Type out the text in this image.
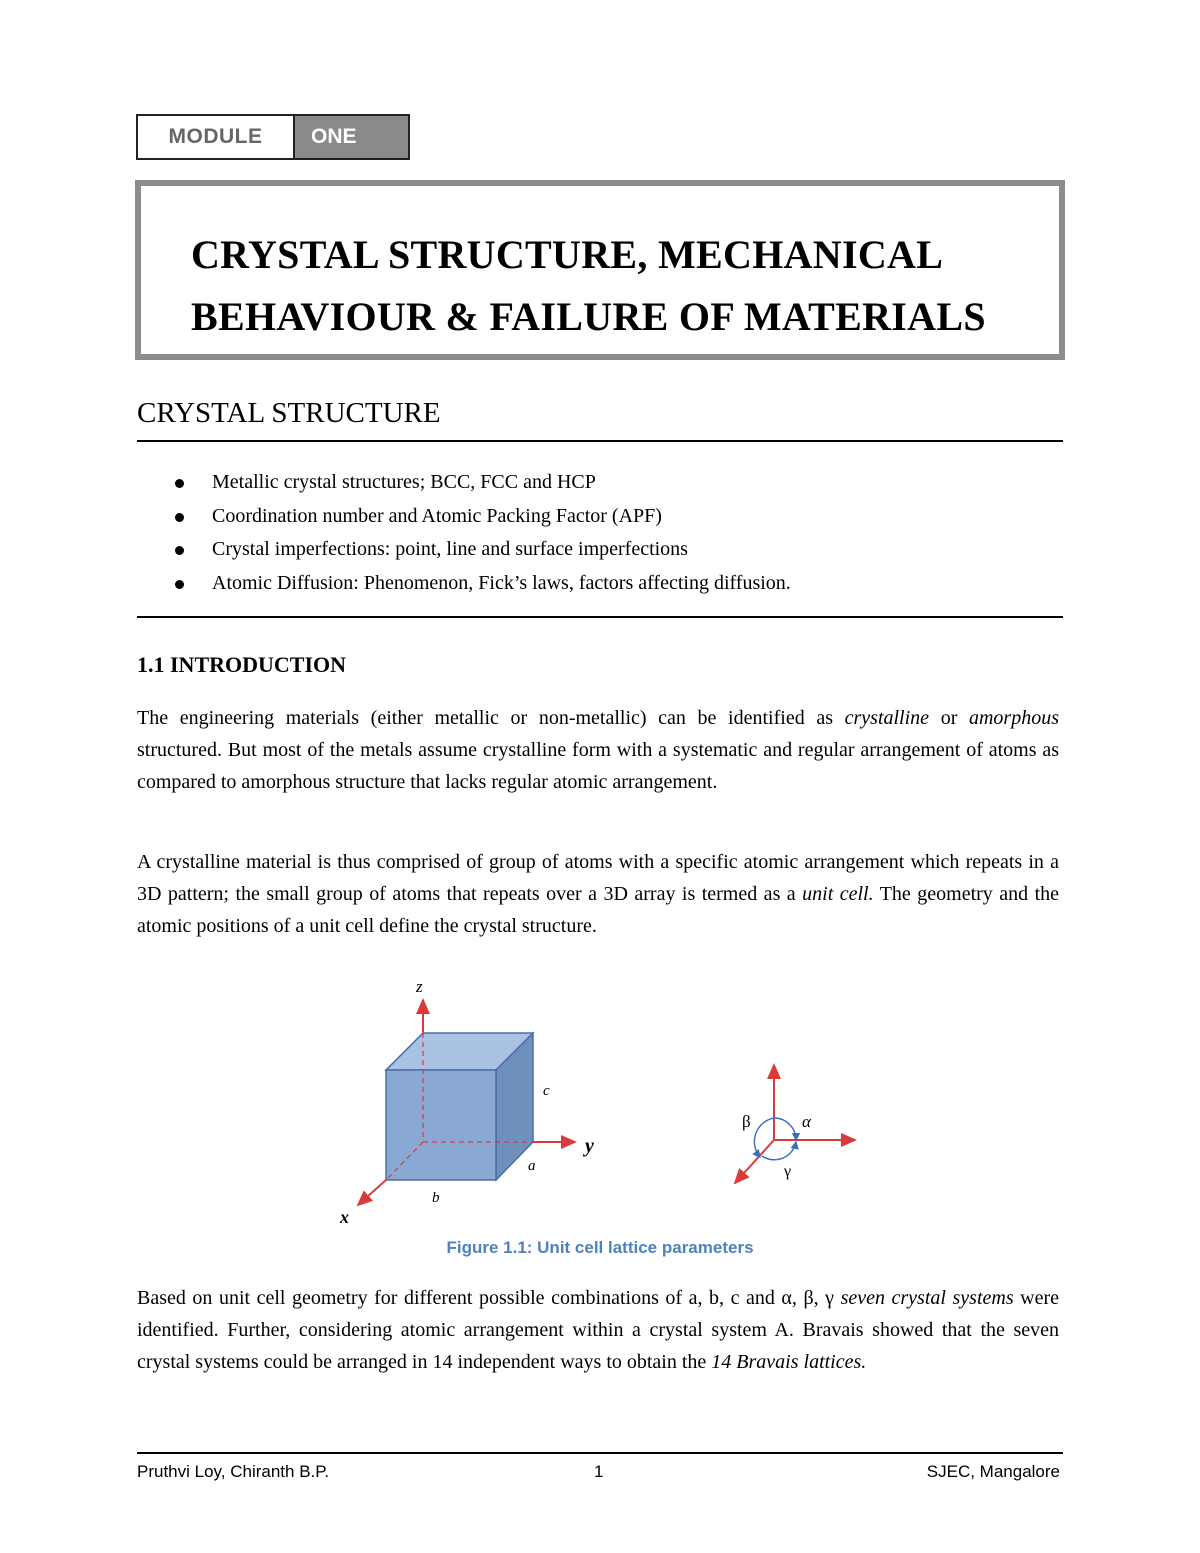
MODULE	ONE
CRYSTAL STRUCTURE, MECHANICAL
BEHAVIOUR & FAILURE OF MATERIALS
CRYSTAL STRUCTURE
Metallic crystal structures; BCC, FCC and HCP
Coordination number and Atomic Packing Factor (APF)
Crystal imperfections: point, line and surface imperfections
Atomic Diffusion: Phenomenon, Fick’s laws, factors affecting diffusion.
1.1 INTRODUCTION

The engineering materials (either metallic or non-metallic) can be identified as crystalline or amorphous structured. But most of the metals assume crystalline form with a systematic and regular arrangement of atoms as compared to amorphous structure that lacks regular atomic arrangement.

A crystalline material is thus comprised of group of atoms with a specific atomic arrangement which repeats in a 3D pattern; the small group of atoms that repeats over a 3D array is termed as a unit cell. The geometry and the atomic positions of a unit cell define the crystal structure.

z
y
x
c
a
b
β	α
γ
Figure 1.1: Unit cell lattice parameters

Based on unit cell geometry for different possible combinations of a, b, c and α, β, γ seven crystal systems were identified. Further, considering atomic arrangement within a crystal system A. Bravais showed that the seven crystal systems could be arranged in 14 independent ways to obtain the 14 Bravais lattices.

Pruthvi Loy, Chiranth B.P.	1	SJEC, Mangalore
